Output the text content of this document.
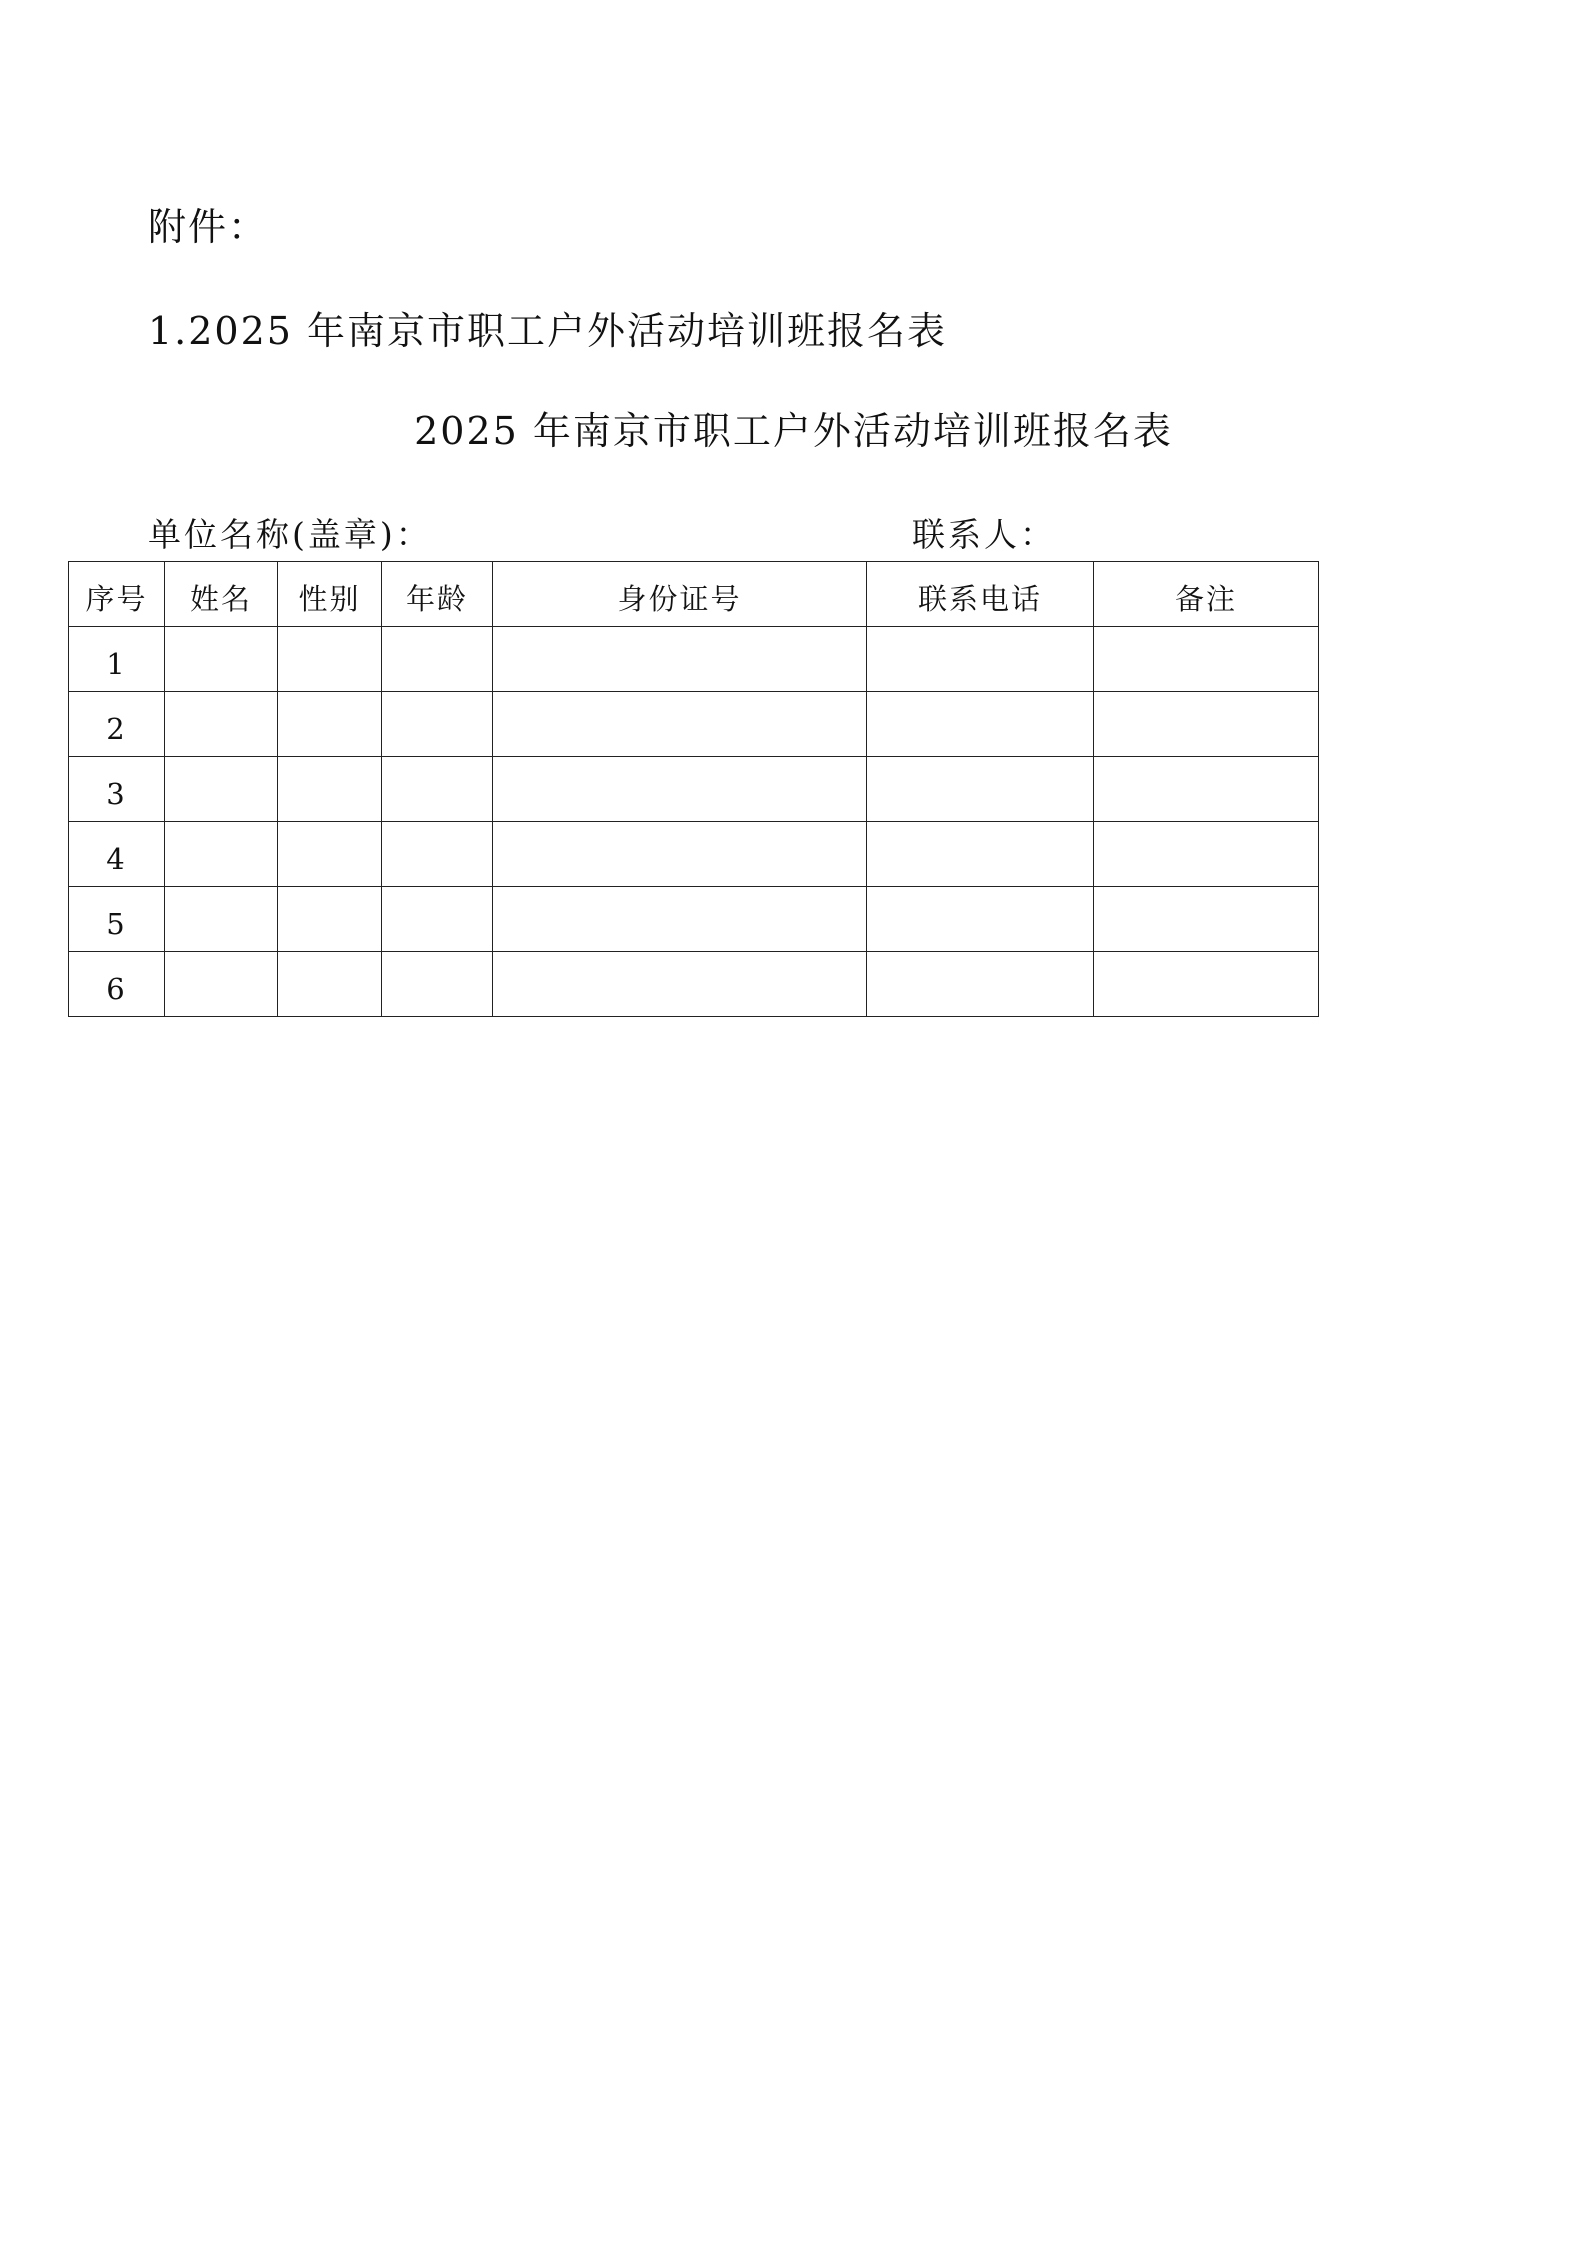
附件：
1.2025 年南京市职工户外活动培训班报名表
2025 年南京市职工户外活动培训班报名表
单位名称(盖章)：	联系人：
序号	姓名	性别	年龄	身份证号	联系电话	备注
1						
2						
3						
4						
5						
6						
